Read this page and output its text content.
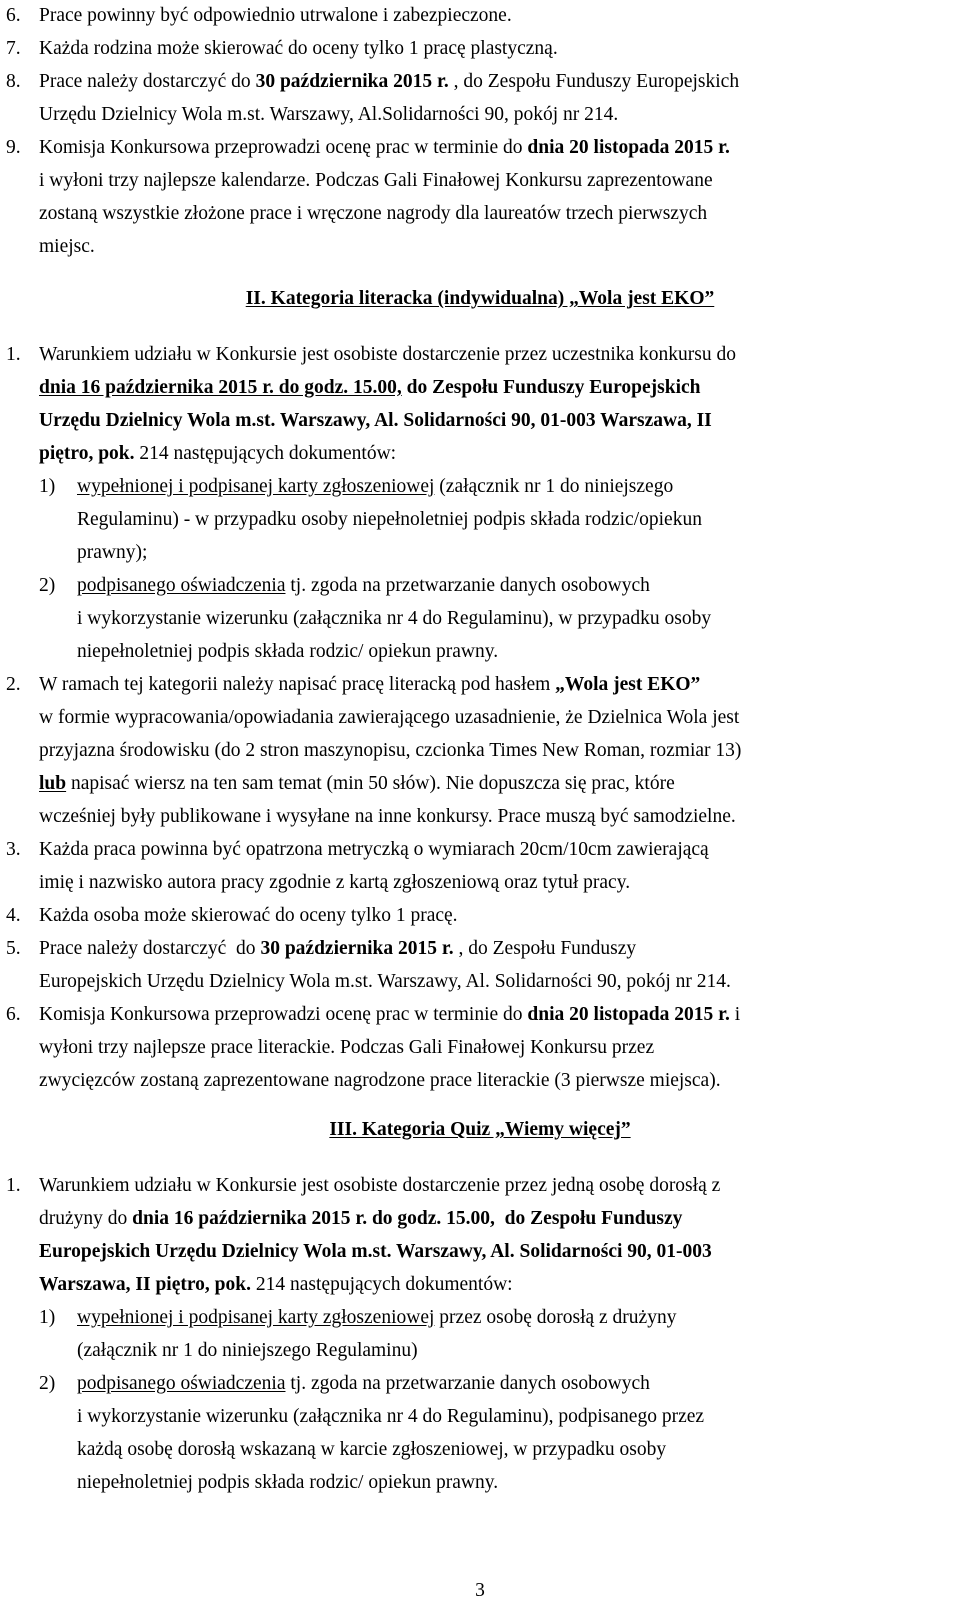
6. Prace powinny być odpowiednio utrwalone i zabezpieczone.
7. Każda rodzina może skierować do oceny tylko 1 pracę plastyczną.
8. Prace należy dostarczyć do 30 października 2015 r. , do Zespołu Funduszy Europejskich
Urzędu Dzielnicy Wola m.st. Warszawy, Al.Solidarności 90, pokój nr 214.
9. Komisja Konkursowa przeprowadzi ocenę prac w terminie do dnia 20 listopada 2015 r.
i wyłoni trzy najlepsze kalendarze. Podczas Gali Finałowej Konkursu zaprezentowane
zostaną wszystkie złożone prace i wręczone nagrody dla laureatów trzech pierwszych
miejsc.
II. Kategoria literacka (indywidualna) „Wola jest EKO”
1. Warunkiem udziału w Konkursie jest osobiste dostarczenie przez uczestnika konkursu do
dnia 16 października 2015 r. do godz. 15.00, do Zespołu Funduszy Europejskich
Urzędu Dzielnicy Wola m.st. Warszawy, Al. Solidarności 90, 01-003 Warszawa, II
piętro, pok. 214 następujących dokumentów:
1)	wypełnionej i podpisanej karty zgłoszeniowej (załącznik nr 1 do niniejszego
Regulaminu) - w przypadku osoby niepełnoletniej podpis składa rodzic/opiekun
prawny);
2)	podpisanego oświadczenia tj. zgoda na przetwarzanie danych osobowych
i wykorzystanie wizerunku (załącznika nr 4 do Regulaminu), w przypadku osoby
niepełnoletniej podpis składa rodzic/ opiekun prawny.
2. W ramach tej kategorii należy napisać pracę literacką pod hasłem „Wola jest EKO”
w formie wypracowania/opowiadania zawierającego uzasadnienie, że Dzielnica Wola jest
przyjazna środowisku (do 2 stron maszynopisu, czcionka Times New Roman, rozmiar 13)
lub napisać wiersz na ten sam temat (min 50 słów). Nie dopuszcza się prac, które
wcześniej były publikowane i wysyłane na inne konkursy. Prace muszą być samodzielne.
3. Każda praca powinna być opatrzona metryczką o wymiarach 20cm/10cm zawierającą
imię i nazwisko autora pracy zgodnie z kartą zgłoszeniową oraz tytuł pracy.
4. Każda osoba może skierować do oceny tylko 1 pracę.
5. Prace należy dostarczyć  do 30 października 2015 r. , do Zespołu Funduszy
Europejskich Urzędu Dzielnicy Wola m.st. Warszawy, Al. Solidarności 90, pokój nr 214.
6. Komisja Konkursowa przeprowadzi ocenę prac w terminie do dnia 20 listopada 2015 r. i
wyłoni trzy najlepsze prace literackie. Podczas Gali Finałowej Konkursu przez
zwycięzców zostaną zaprezentowane nagrodzone prace literackie (3 pierwsze miejsca).
III. Kategoria Quiz „Wiemy więcej”
1. Warunkiem udziału w Konkursie jest osobiste dostarczenie przez jedną osobę dorosłą z
drużyny do dnia 16 października 2015 r. do godz. 15.00,  do Zespołu Funduszy
Europejskich Urzędu Dzielnicy Wola m.st. Warszawy, Al. Solidarności 90, 01-003
Warszawa, II piętro, pok. 214 następujących dokumentów:
1)	wypełnionej i podpisanej karty zgłoszeniowej przez osobę dorosłą z drużyny
(załącznik nr 1 do niniejszego Regulaminu)
2)	podpisanego oświadczenia tj. zgoda na przetwarzanie danych osobowych
i wykorzystanie wizerunku (załącznika nr 4 do Regulaminu), podpisanego przez
każdą osobę dorosłą wskazaną w karcie zgłoszeniowej, w przypadku osoby
niepełnoletniej podpis składa rodzic/ opiekun prawny.
3
